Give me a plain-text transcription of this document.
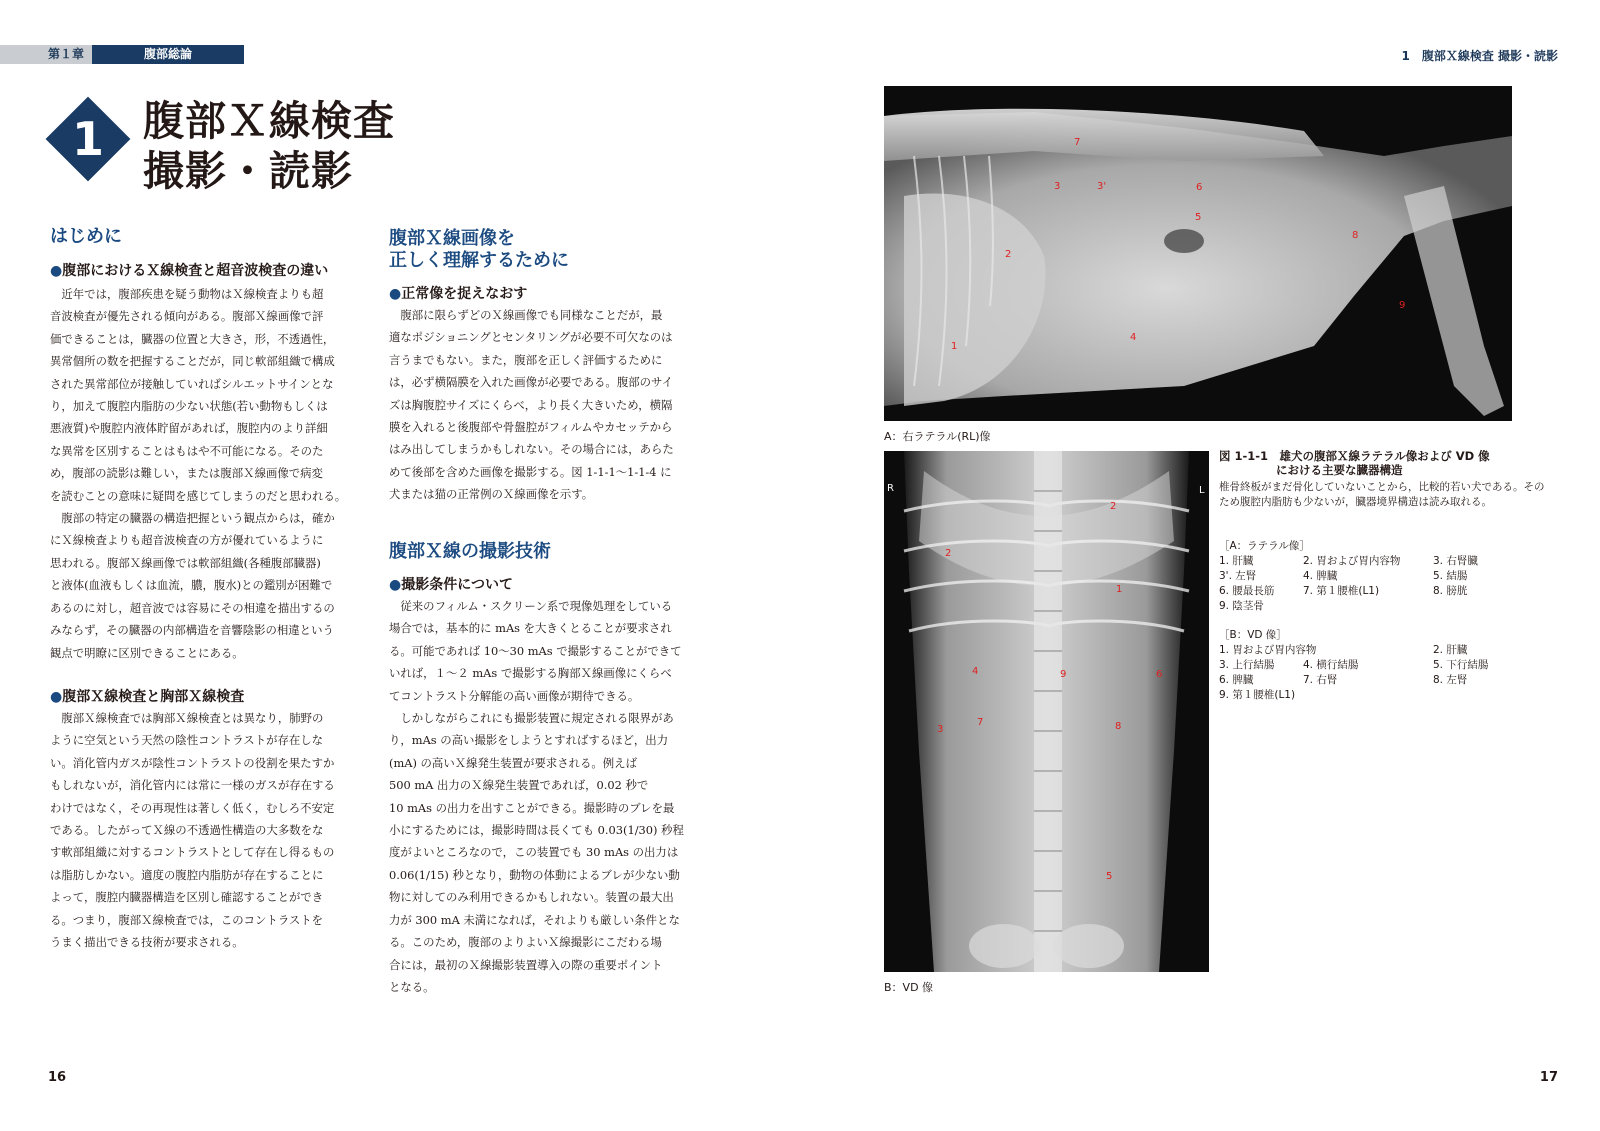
第１章	腹部総論	1 腹部Ｘ線検査 撮影・読影
1 腹部Ｘ線検査
撮影・読影
はじめに
●腹部におけるＸ線検査と超音波検査の違い
近年では，腹部疾患を疑う動物はＸ線検査よりも超
音波検査が優先される傾向がある。腹部Ｘ線画像で評
価できることは，臓器の位置と大きさ，形，不透過性，
異常個所の数を把握することだが，同じ軟部組織で構成
された異常部位が接触していればシルエットサインとな
り，加えて腹腔内脂肪の少ない状態(若い動物もしくは
悪液質)や腹腔内液体貯留があれば，腹腔内のより詳細
な異常を区別することはもはや不可能になる。そのた
め，腹部の読影は難しい，または腹部Ｘ線画像で病変
を読むことの意味に疑問を感じてしまうのだと思われる。
腹部の特定の臓器の構造把握という観点からは，確か
にＸ線検査よりも超音波検査の方が優れているように
思われる。腹部Ｘ線画像では軟部組織(各種腹部臓器)
と液体(血液もしくは血流，膿，腹水)との鑑別が困難で
あるのに対し，超音波では容易にその相違を描出するの
みならず，その臓器の内部構造を音響陰影の相違という
観点で明瞭に区別できることにある。
●腹部Ｘ線検査と胸部Ｘ線検査
腹部Ｘ線検査では胸部Ｘ線検査とは異なり，肺野の
ように空気という天然の陰性コントラストが存在しな
い。消化管内ガスが陰性コントラストの役割を果たすか
もしれないが，消化管内には常に一様のガスが存在する
わけではなく，その再現性は著しく低く，むしろ不安定
である。したがってＸ線の不透過性構造の大多数をな
す軟部組織に対するコントラストとして存在し得るもの
は脂肪しかない。適度の腹腔内脂肪が存在することに
よって，腹腔内臓器構造を区別し確認することができ
る。つまり，腹部Ｘ線検査では，このコントラストを
うまく描出できる技術が要求される。
腹部Ｘ線画像を
正しく理解するために
●正常像を捉えなおす
腹部に限らずどのＸ線画像でも同様なことだが，最
適なポジショニングとセンタリングが必要不可欠なのは
言うまでもない。また，腹部を正しく評価するために
は，必ず横隔膜を入れた画像が必要である。腹部のサイ
ズは胸腹腔サイズにくらべ，より長く大きいため，横隔
膜を入れると後腹部や骨盤腔がフィルムやカセッテから
はみ出してしまうかもしれない。その場合には，あらた
めて後部を含めた画像を撮影する。図 1-1-1〜1-1-4 に
犬または猫の正常例のＸ線画像を示す。
腹部Ｘ線の撮影技術
●撮影条件について
従来のフィルム・スクリーン系で現像処理をしている
場合では，基本的に mAs を大きくとることが要求され
る。可能であれば 10〜30 mAs で撮影することができて
いれば，１〜２ mAs で撮影する胸部Ｘ線画像にくらべ
てコントラスト分解能の高い画像が期待できる。
しかしながらこれにも撮影装置に規定される限界があ
り，mAs の高い撮影をしようとすればするほど，出力
(mA) の高いＸ線発生装置が要求される。例えば
500 mA 出力のＸ線発生装置であれば，0.02 秒で
10 mAs の出力を出すことができる。撮影時のブレを最
小にするためには，撮影時間は長くても 0.03(1/30) 秒程
度がよいところなので，この装置でも 30 mAs の出力は
0.06(1/15) 秒となり，動物の体動によるブレが少ない動
物に対してのみ利用できるかもしれない。装置の最大出
力が 300 mA 未満になれば，それよりも厳しい条件とな
る。このため，腹部のよりよいＸ線撮影にこだわる場
合には，最初のＸ線撮影装置導入の際の重要ポイント
となる。
7
3	3'	6
5
2
8
9
1
4
A：右ラテラル(RL)像
R	L
2
2
1
4	9	6
3
7	8
5
B：VD 像
図 1-1-1　雄犬の腹部Ｘ線ラテラル像および VD 像
における主要な臓器構造
椎骨終板がまだ骨化していないことから，比較的若い犬である。そのため腹腔内脂肪も少ないが，臓器境界構造は読み取れる。
［A：ラテラル像］
1. 肝臓	2. 胃および胃内容物	3. 右腎臓
3'. 左腎	4. 脾臓	5. 結腸
6. 腰最長筋	7. 第１腰椎(L1)	8. 膀胱
9. 陰茎骨
［B：VD 像］
1. 胃および胃内容物	2. 肝臓
3. 上行結腸	4. 横行結腸	5. 下行結腸
6. 脾臓	7. 右腎	8. 左腎
9. 第１腰椎(L1)
16	17
